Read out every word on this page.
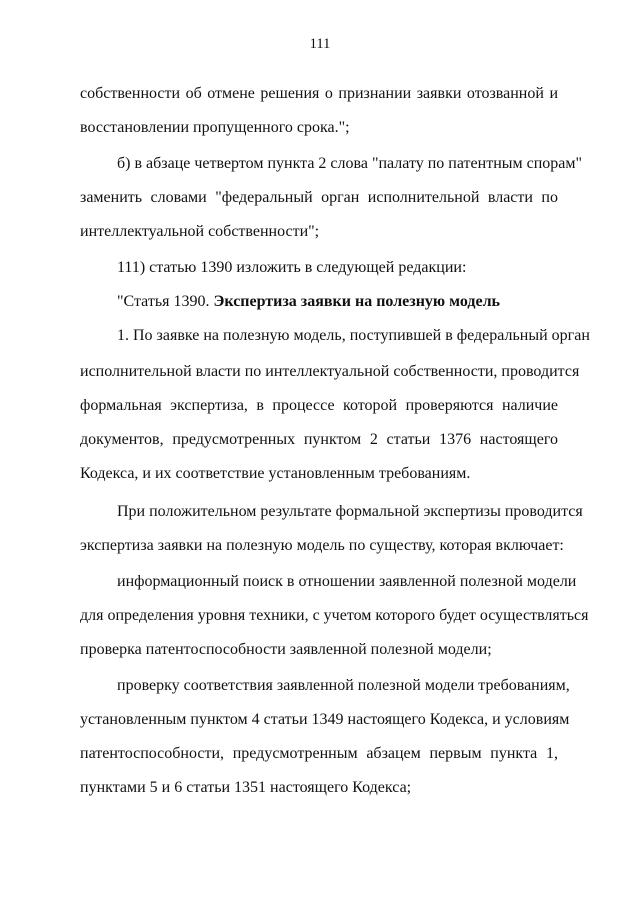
111
собственности об отмене решения о признании заявки отозванной и
восстановлении пропущенного срока.";
б) в абзаце четвертом пункта 2 слова "палату по патентным спорам"
заменить словами "федеральный орган исполнительной власти по
интеллектуальной собственности";
111) статью 1390 изложить в следующей редакции:
"Статья 1390. Экспертиза заявки на полезную модель
1. По заявке на полезную модель, поступившей в федеральный орган
исполнительной власти по интеллектуальной собственности, проводится
формальная экспертиза, в процессе которой проверяются наличие
документов, предусмотренных пунктом 2 статьи 1376 настоящего
Кодекса, и их соответствие установленным требованиям.
При положительном результате формальной экспертизы проводится
экспертиза заявки на полезную модель по существу, которая включает:
информационный поиск в отношении заявленной полезной модели
для определения уровня техники, с учетом которого будет осуществляться
проверка патентоспособности заявленной полезной модели;
проверку соответствия заявленной полезной модели требованиям,
установленным пунктом 4 статьи 1349 настоящего Кодекса, и условиям
патентоспособности, предусмотренным абзацем первым пункта 1,
пунктами 5 и 6 статьи 1351 настоящего Кодекса;
